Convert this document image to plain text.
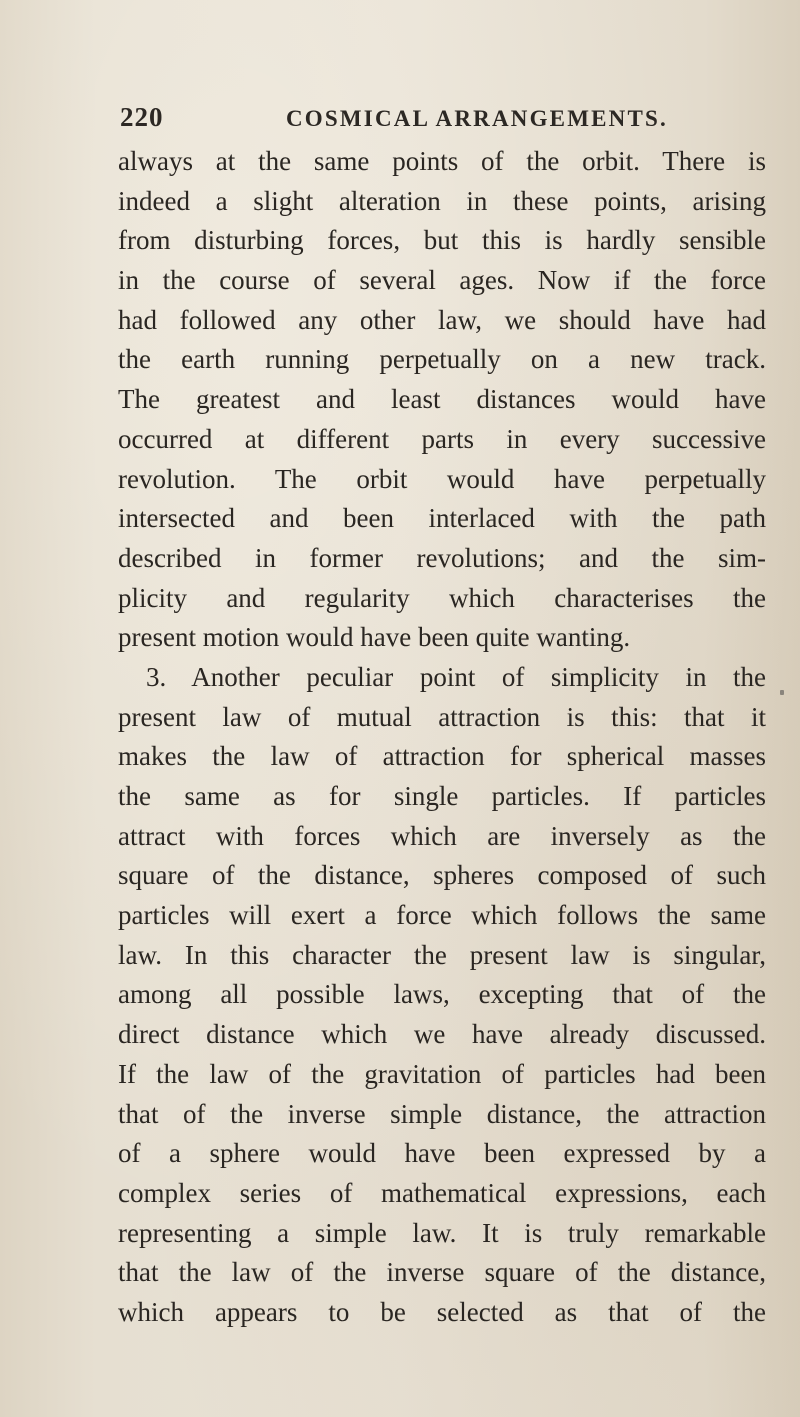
220	COSMICAL ARRANGEMENTS.
always at the same points of the orbit. There is
indeed a slight alteration in these points, arising
from disturbing forces, but this is hardly sensible
in the course of several ages. Now if the force
had followed any other law, we should have had
the earth running perpetually on a new track.
The greatest and least distances would have
occurred at different parts in every successive
revolution. The orbit would have perpetually
intersected and been interlaced with the path
described in former revolutions; and the sim-
plicity and regularity which characterises the
present motion would have been quite wanting.
3. Another peculiar point of simplicity in the
present law of mutual attraction is this: that it
makes the law of attraction for spherical masses
the same as for single particles. If particles
attract with forces which are inversely as the
square of the distance, spheres composed of such
particles will exert a force which follows the same
law. In this character the present law is singular,
among all possible laws, excepting that of the
direct distance which we have already discussed.
If the law of the gravitation of particles had been
that of the inverse simple distance, the attraction
of a sphere would have been expressed by a
complex series of mathematical expressions, each
representing a simple law. It is truly remarkable
that the law of the inverse square of the distance,
which appears to be selected as that of the
